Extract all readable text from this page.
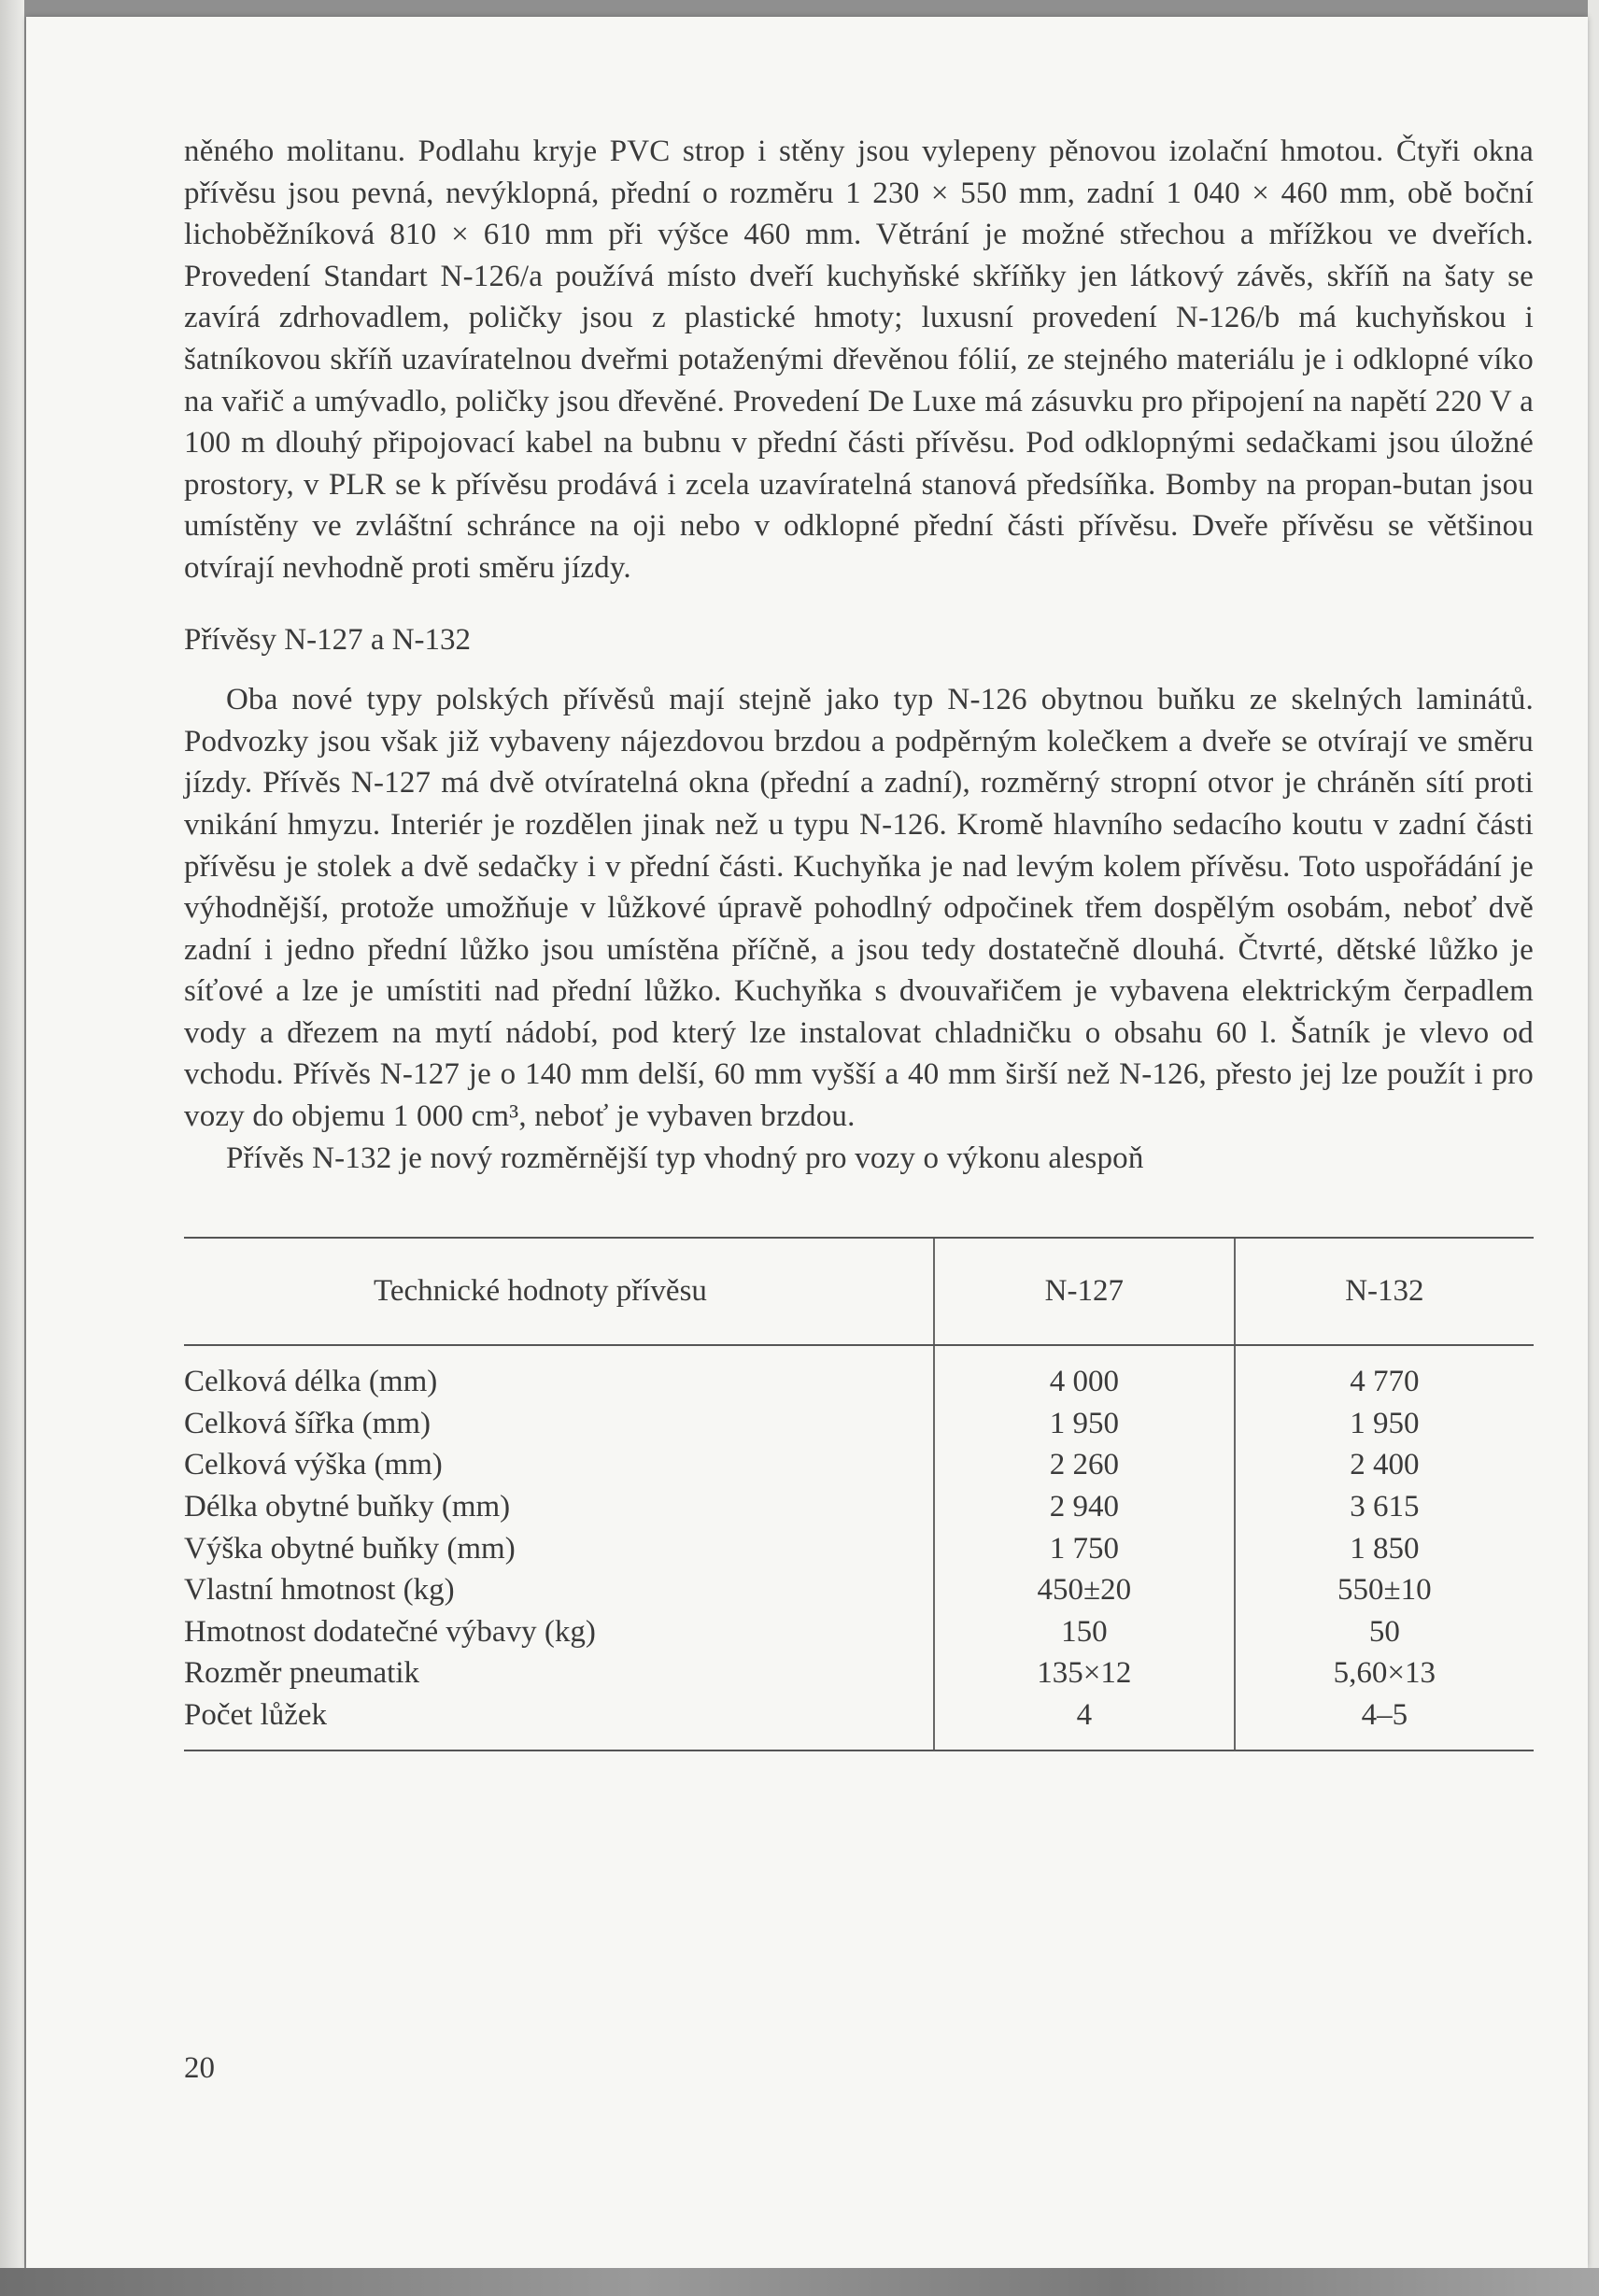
něného molitanu. Podlahu kryje PVC strop i stěny jsou vylepeny pěnovou izolační hmotou. Čtyři okna přívěsu jsou pevná, nevýklopná, přední o rozměru 1 230 × 550 mm, zadní 1 040 × 460 mm, obě boční lichoběžníková 810 × 610 mm při výšce 460 mm. Větrání je možné střechou a mřížkou ve dveřích. Provedení Standart N-126/a používá místo dveří kuchyňské skříňky jen látkový závěs, skříň na šaty se zavírá zdrhovadlem, poličky jsou z plastické hmoty; luxusní provedení N-126/b má kuchyňskou i šatníkovou skříň uzavíratelnou dveřmi potaženými dřevěnou fólií, ze stejného materiálu je i odklopné víko na vařič a umývadlo, poličky jsou dřevěné. Provedení De Luxe má zásuvku pro připojení na napětí 220 V a 100 m dlouhý připojovací kabel na bubnu v přední části přívěsu. Pod odklopnými sedačkami jsou úložné prostory, v PLR se k přívěsu prodává i zcela uzavíratelná stanová předsíňka. Bomby na propan-butan jsou umístěny ve zvláštní schránce na oji nebo v odklopné přední části přívěsu. Dveře přívěsu se většinou otvírají nevhodně proti směru jízdy.

Přívěsy N-127 a N-132

Oba nové typy polských přívěsů mají stejně jako typ N-126 obytnou buňku ze skelných laminátů. Podvozky jsou však již vybaveny nájezdovou brzdou a podpěrným kolečkem a dveře se otvírají ve směru jízdy. Přívěs N-127 má dvě otvíratelná okna (přední a zadní), rozměrný stropní otvor je chráněn sítí proti vnikání hmyzu. Interiér je rozdělen jinak než u typu N-126. Kromě hlavního sedacího koutu v zadní části přívěsu je stolek a dvě sedačky i v přední části. Kuchyňka je nad levým kolem přívěsu. Toto uspořádání je výhodnější, protože umožňuje v lůžkové úpravě pohodlný odpočinek třem dospělým osobám, neboť dvě zadní i jedno přední lůžko jsou umístěna příčně, a jsou tedy dostatečně dlouhá. Čtvrté, dětské lůžko je síťové a lze je umístiti nad přední lůžko. Kuchyňka s dvouvařičem je vybavena elektrickým čerpadlem vody a dřezem na mytí nádobí, pod který lze instalovat chladničku o obsahu 60 l. Šatník je vlevo od vchodu. Přívěs N-127 je o 140 mm delší, 60 mm vyšší a 40 mm širší než N-126, přesto jej lze použít i pro vozy do objemu 1 000 cm³, neboť je vybaven brzdou.

Přívěs N-132 je nový rozměrnější typ vhodný pro vozy o výkonu alespoň

Technické hodnoty přívěsu	N-127	N-132
Celková délka (mm)	4 000	4 770
Celková šířka (mm)	1 950	1 950
Celková výška (mm)	2 260	2 400
Délka obytné buňky (mm)	2 940	3 615
Výška obytné buňky (mm)	1 750	1 850
Vlastní hmotnost (kg)	450±20	550±10
Hmotnost dodatečné výbavy (kg)	150	50
Rozměr pneumatik	135×12	5,60×13
Počet lůžek	4	4–5
20
